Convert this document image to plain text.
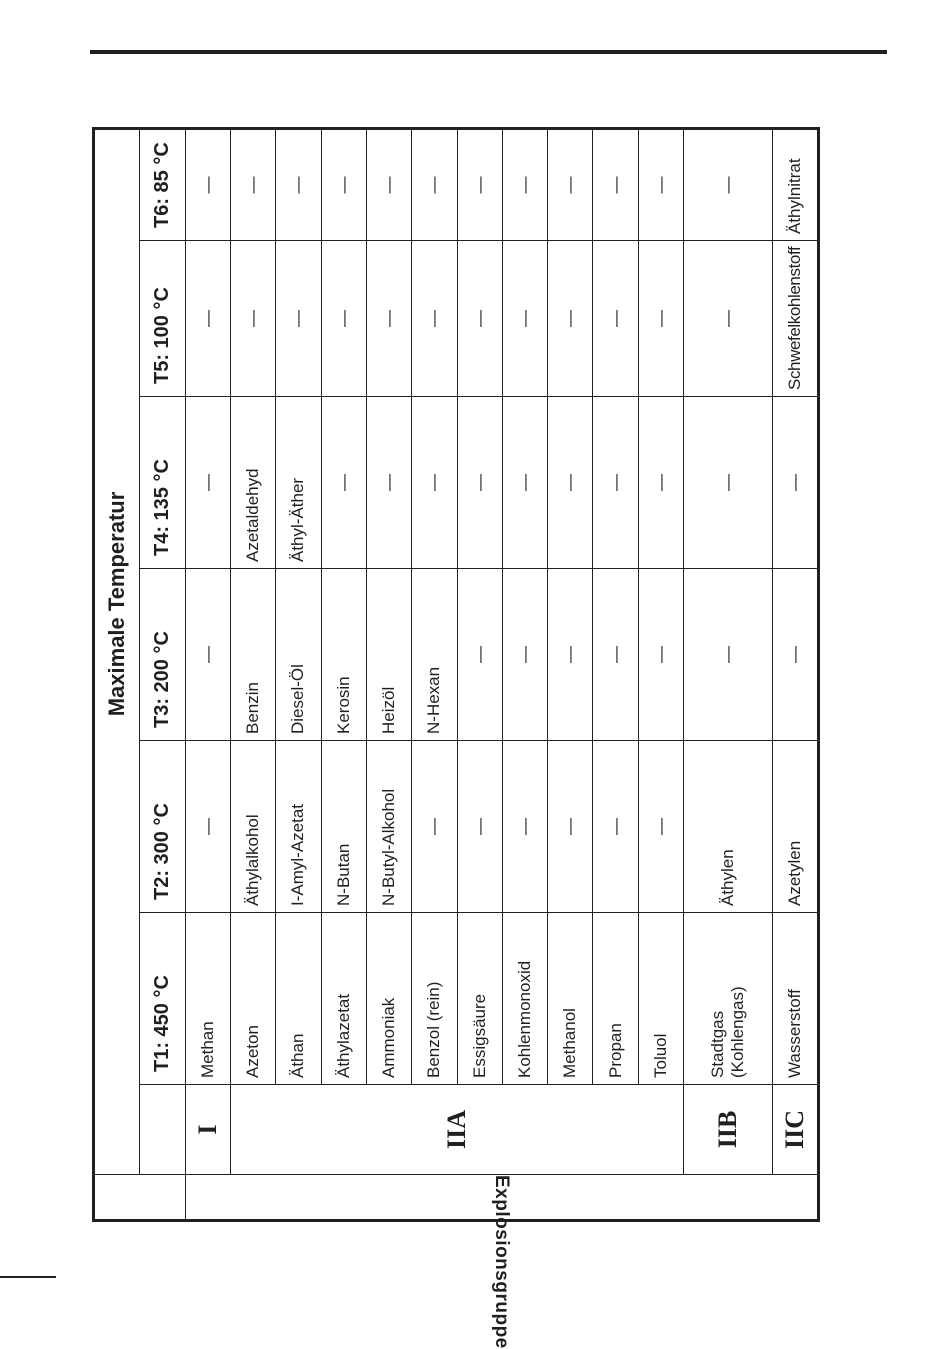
	Maximale Temperatur						

		T1: 450 °C	T2: 300 °C	T3: 200 °C	T4: 135 °C	T5: 100 °C	T6: 85 °C

Explosionsgruppe	I	Methan	—	—	—	—	—
	IIA	Azeton	Äthylalkohol	Benzin	Azetaldehyd	—	—
		Äthan	I-Amyl-Azetat	Diesel-Öl	Äthyl-Äther	—	—
		Äthylazetat	N-Butan	Kerosin	—	—	—
		Ammoniak	N-Butyl-Alkohol	Heizöl	—	—	—
		Benzol (rein)	—	N-Hexan	—	—	—
		Essigsäure	—	—	—	—	—
		Kohlenmonoxid	—	—	—	—	—
		Methanol	—	—	—	—	—
		Propan	—	—	—	—	—
		Toluol	—	—	—	—	—
	IIB	Stadtgas (Kohlengas)	Äthylen	—	—	—	—
	IIC	Wasserstoff	Azetylen	—	—	Schwefelkohlenstoff	Äthylnitrat
